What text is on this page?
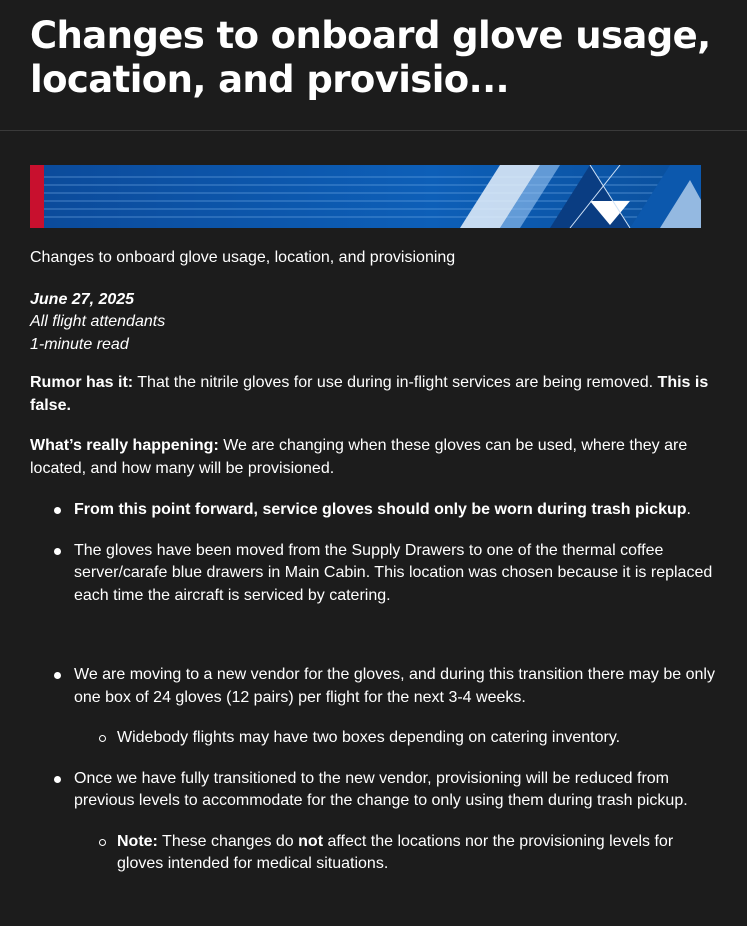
Changes to onboard glove usage, location, and provisio...

Changes to onboard glove usage, location, and provisioning

June 27, 2025

All flight attendants

1-minute read

Rumor has it: That the nitrile gloves for use during in-flight services are being removed. This is false.

What’s really happening: We are changing when these gloves can be used, where they are located, and how many will be provisioned.

From this point forward, service gloves should only be worn during trash pickup.
The gloves have been moved from the Supply Drawers to one of the thermal coffee server/carafe blue drawers in Main Cabin. This location was chosen because it is replaced each time the aircraft is serviced by catering.
We are moving to a new vendor for the gloves, and during this transition there may be only one box of 24 gloves (12 pairs) per flight for the next 3-4 weeks.
Widebody flights may have two boxes depending on catering inventory.
Once we have fully transitioned to the new vendor, provisioning will be reduced from previous levels to accommodate for the change to only using them during trash pickup.
Note: These changes do not affect the locations nor the provisioning levels for gloves intended for medical situations.
